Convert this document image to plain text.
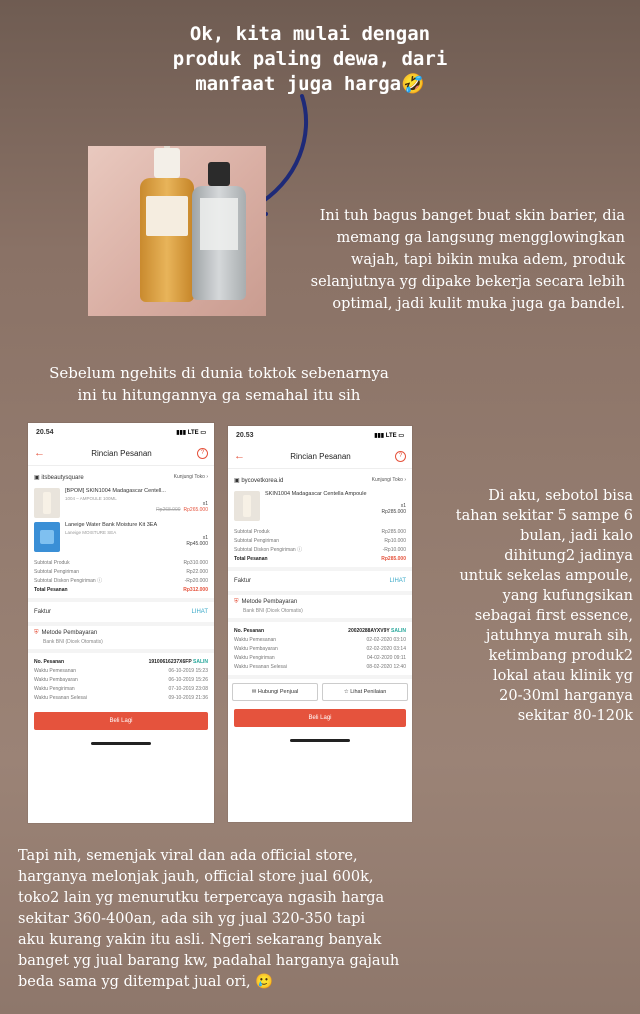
Ok, kita mulai dengan
produk paling dewa, dari
manfaat juga harga🤣
Ini tuh bagus banget buat skin barier, dia
memang ga langsung mengglowingkan
wajah, tapi bikin muka adem, produk
selanjutnya yg dipake bekerja secara lebih
optimal, jadi kulit muka juga ga bandel.
Sebelum ngehits di dunia toktok sebenarnya
ini tu hitungannya ga semahal itu sih
20.54	▮▮▮ LTE ▭
←	Rincian Pesanan	?
▣ itsbeautysquare	Kunjungi Toko ›
[BPOM] SKIN1004 Madagascar Centell...
1004 – AMPOULE 100ML
x1
Rp268.000 Rp265.000
Laneige Water Bank Moisture Kit 3EA
Laneige MOISTURE SEA
x1
Rp45.000
Subtotal Produk	Rp310.000
Subtotal Pengiriman	Rp22.000
Subtotal Diskon Pengiriman ⓘ	-Rp20.000
Total Pesanan	Rp312.000
Faktur	LIHAT
⛨ Metode Pembayaran
Bank BNI (Dicek Otomatis)
No. Pesanan	19100616237X6FP SALIN
Waktu Pemesanan	06-10-2019 15:23
Waktu Pembayaran	06-10-2019 15:26
Waktu Pengiriman	07-10-2019 23:08
Waktu Pesanan Selesai	09-10-2019 21:36
Beli Lagi
20.53	▮▮▮ LTE ▭
←	Rincian Pesanan	?
▣ bycovetkorea.id	Kunjungi Toko ›
SKIN1004 Madagascar Centella Ampoule
x1
Rp285.000
Subtotal Produk	Rp285.000
Subtotal Pengiriman	Rp10.000
Subtotal Diskon Pengiriman ⓘ	-Rp10.000
Total Pesanan	Rp285.000
Faktur	LIHAT
⛨ Metode Pembayaran
Bank BNI (Dicek Otomatis)
No. Pesanan	20020288AYXV9Y SALIN
Waktu Pemesanan	02-02-2020 03:10
Waktu Pembayaran	02-02-2020 03:14
Waktu Pengiriman	04-02-2020 09:11
Waktu Pesanan Selesai	08-02-2020 12:40
✉ Hubungi Penjual	☆ Lihat Penilaian
Beli Lagi
Di aku, sebotol bisa
tahan sekitar 5 sampe 6
bulan, jadi kalo
dihitung2 jadinya
untuk sekelas ampoule,
yang kufungsikan
sebagai first essence,
jatuhnya murah sih,
ketimbang produk2
lokal atau klinik yg
20-30ml harganya
sekitar 80-120k
Tapi nih, semenjak viral dan ada official store,
harganya melonjak jauh, official store jual 600k,
toko2 lain yg menurutku terpercaya ngasih harga
sekitar 360-400an, ada sih yg jual 320-350 tapi
aku kurang yakin itu asli. Ngeri sekarang banyak
banget yg jual barang kw, padahal harganya gajauh
beda sama yg ditempat jual ori, 🥲
